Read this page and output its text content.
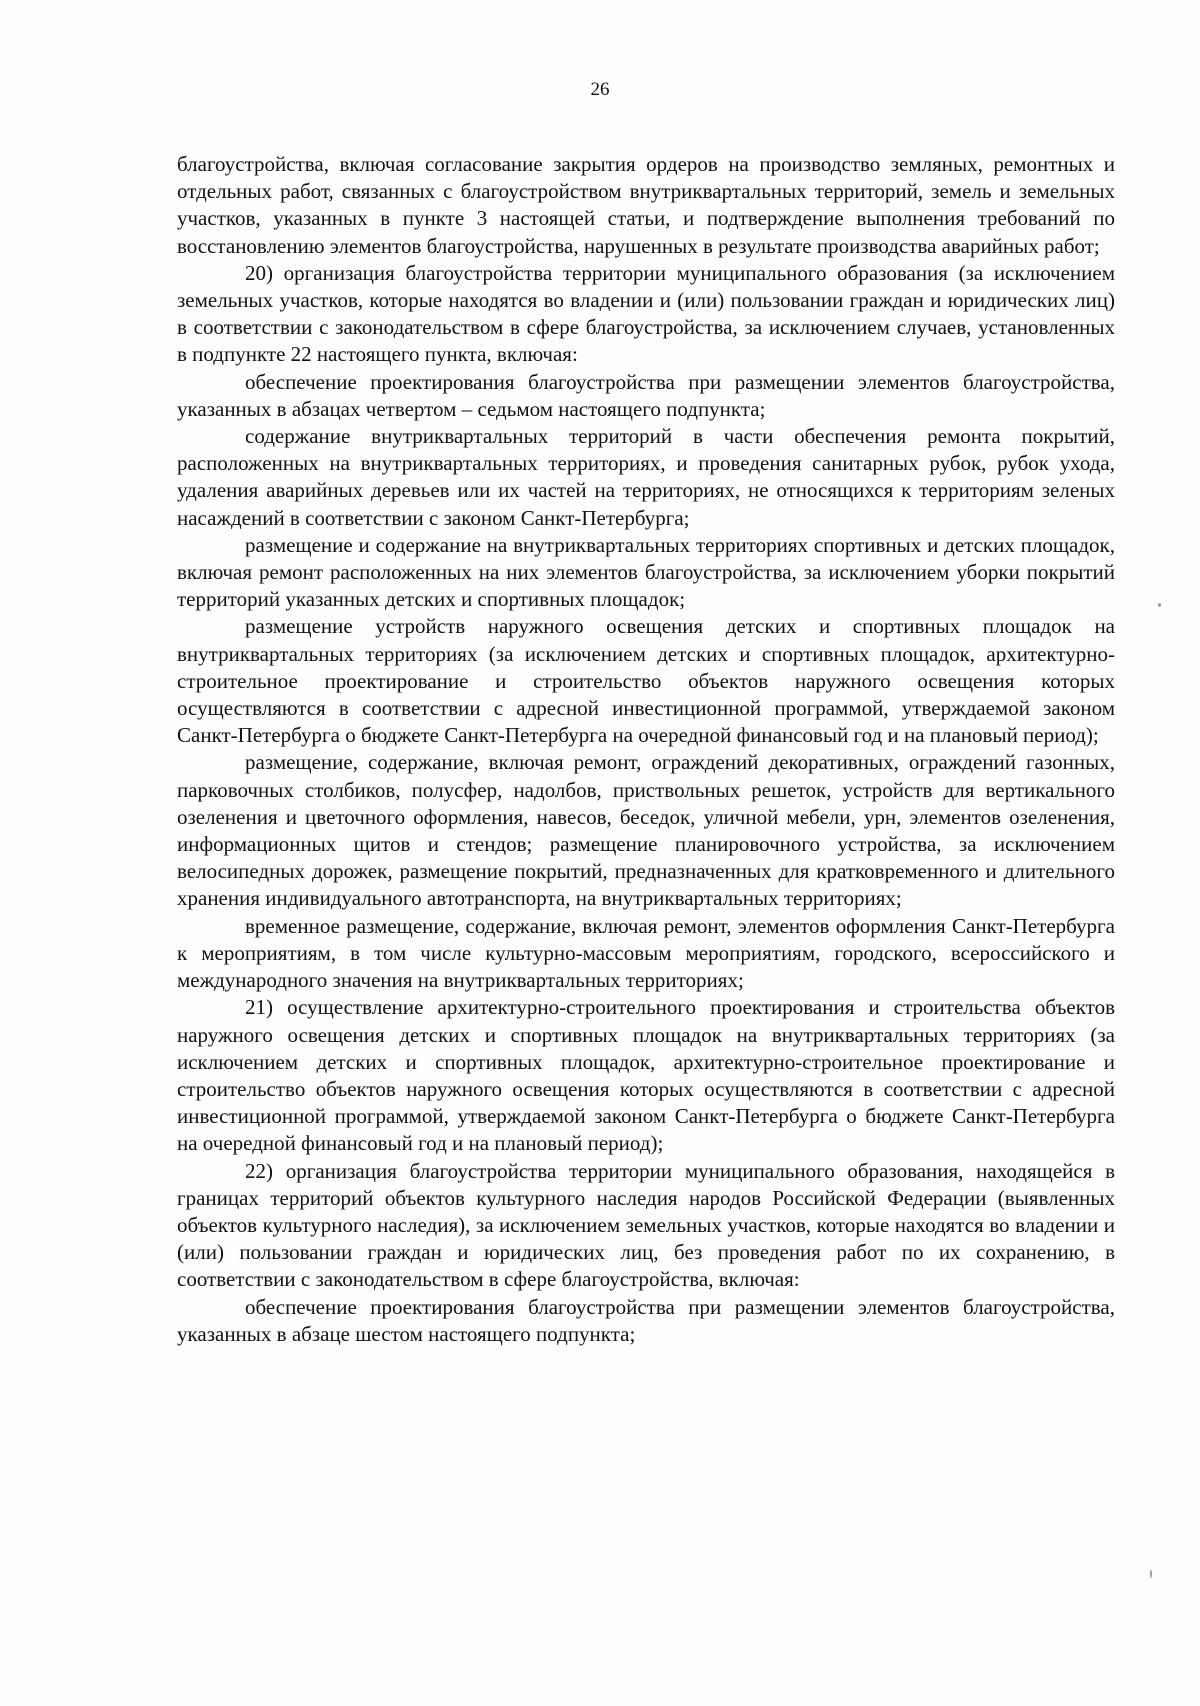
26

благоустройства, включая согласование закрытия ордеров на производство земляных, ремонтных и отдельных работ, связанных с благоустройством внутриквартальных территорий, земель и земельных участков, указанных в пункте 3 настоящей статьи, и подтверждение выполнения требований по восстановлению элементов благоустройства, нарушенных в результате производства аварийных работ;

20) организация благоустройства территории муниципального образования (за исключением земельных участков, которые находятся во владении и (или) пользовании граждан и юридических лиц) в соответствии с законодательством в сфере благоустройства, за исключением случаев, установленных в подпункте 22 настоящего пункта, включая:

обеспечение проектирования благоустройства при размещении элементов благоустройства, указанных в абзацах четвертом – седьмом настоящего подпункта;

содержание внутриквартальных территорий в части обеспечения ремонта покрытий, расположенных на внутриквартальных территориях, и проведения санитарных рубок, рубок ухода, удаления аварийных деревьев или их частей на территориях, не относящихся к территориям зеленых насаждений в соответствии с законом Санкт-Петербурга;

размещение и содержание на внутриквартальных территориях спортивных и детских площадок, включая ремонт расположенных на них элементов благоустройства, за исключением уборки покрытий территорий указанных детских и спортивных площадок;

размещение устройств наружного освещения детских и спортивных площадок на внутриквартальных территориях (за исключением детских и спортивных площадок, архитектурно-строительное проектирование и строительство объектов наружного освещения которых осуществляются в соответствии с адресной инвестиционной программой, утверждаемой законом Санкт-Петербурга о бюджете Санкт-Петербурга на очередной финансовый год и на плановый период);

размещение, содержание, включая ремонт, ограждений декоративных, ограждений газонных, парковочных столбиков, полусфер, надолбов, приствольных решеток, устройств для вертикального озеленения и цветочного оформления, навесов, беседок, уличной мебели, урн, элементов озеленения, информационных щитов и стендов; размещение планировочного устройства, за исключением велосипедных дорожек, размещение покрытий, предназначенных для кратковременного и длительного хранения индивидуального автотранспорта, на внутриквартальных территориях;

временное размещение, содержание, включая ремонт, элементов оформления Санкт-Петербурга к мероприятиям, в том числе культурно-массовым мероприятиям, городского, всероссийского и международного значения на внутриквартальных территориях;

21) осуществление архитектурно-строительного проектирования и строительства объектов наружного освещения детских и спортивных площадок на внутриквартальных территориях (за исключением детских и спортивных площадок, архитектурно-строительное проектирование и строительство объектов наружного освещения которых осуществляются в соответствии с адресной инвестиционной программой, утверждаемой законом Санкт-Петербурга о бюджете Санкт-Петербурга на очередной финансовый год и на плановый период);

22) организация благоустройства территории муниципального образования, находящейся в границах территорий объектов культурного наследия народов Российской Федерации (выявленных объектов культурного наследия), за исключением земельных участков, которые находятся во владении и (или) пользовании граждан и юридических лиц, без проведения работ по их сохранению, в соответствии с законодательством в сфере благоустройства, включая:

обеспечение проектирования благоустройства при размещении элементов благоустройства, указанных в абзаце шестом настоящего подпункта;
